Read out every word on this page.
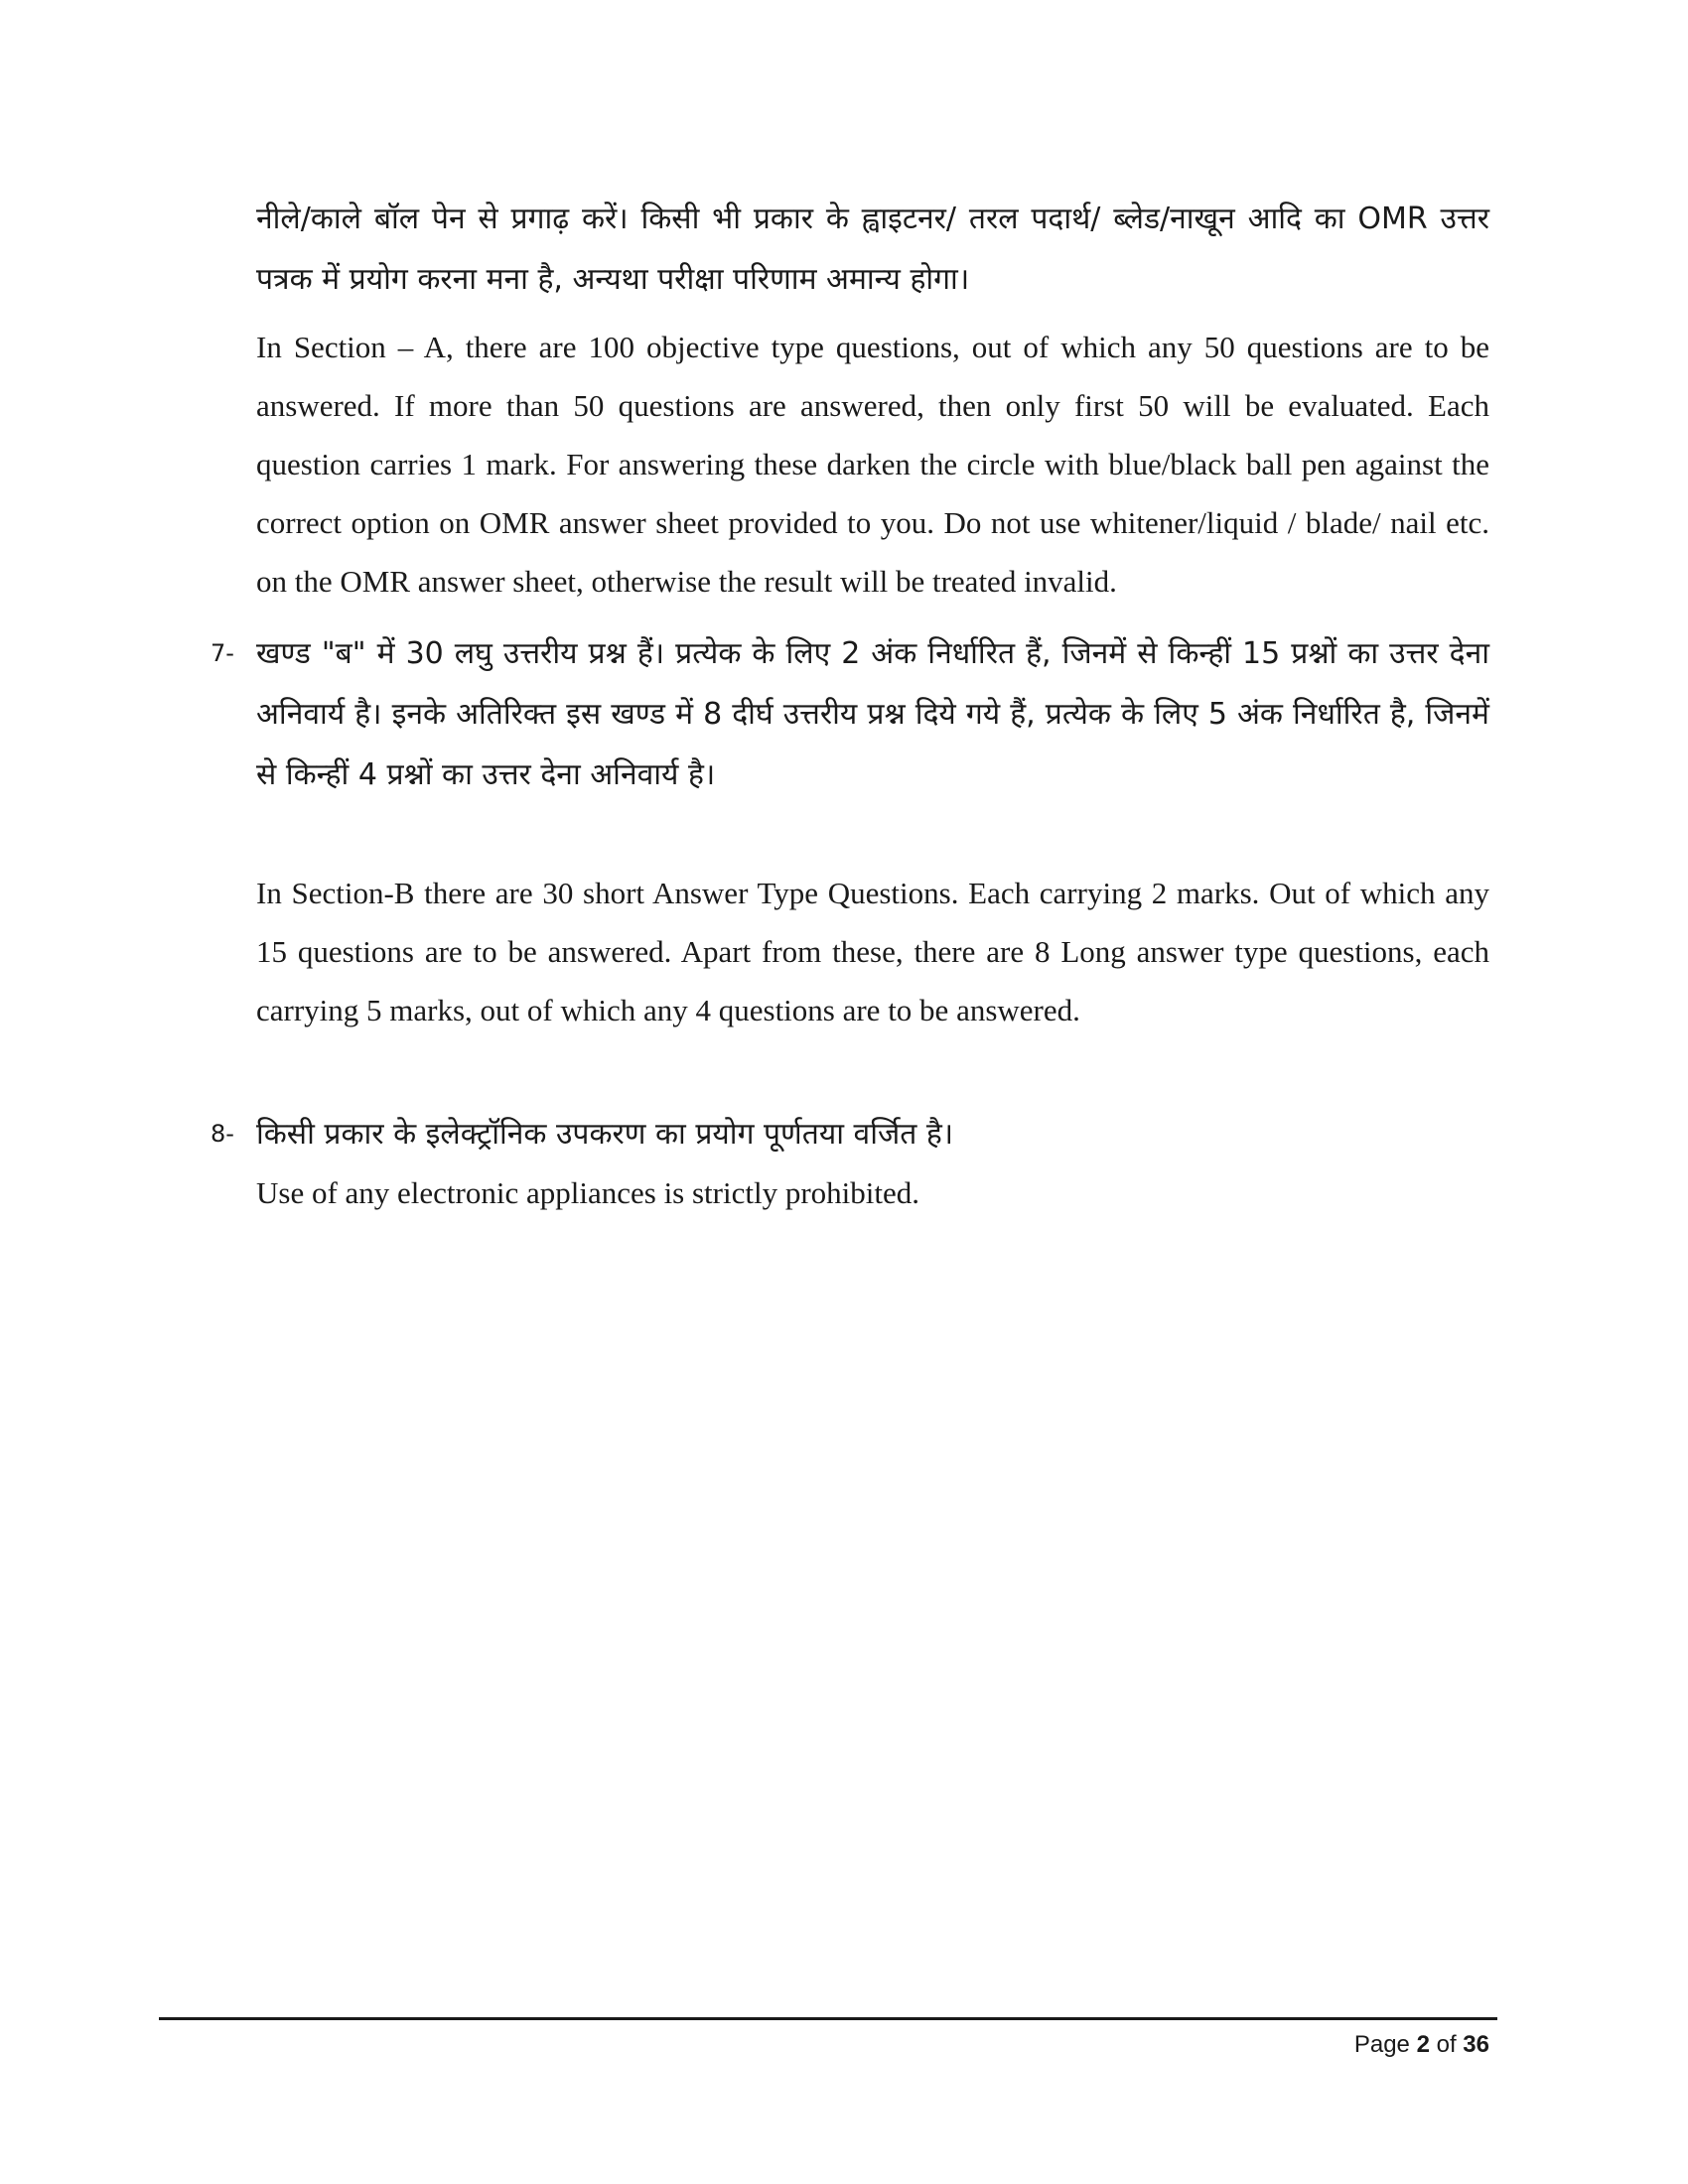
नीले/काले बॉल पेन से प्रगाढ़ करें। किसी भी प्रकार के ह्वाइटनर/ तरल पदार्थ/ ब्लेड/नाखून आदि का OMR उत्तर पत्रक में प्रयोग करना मना है, अन्यथा परीक्षा परिणाम अमान्य होगा।

In Section – A, there are 100 objective type questions, out of which any 50 questions are to be answered. If more than 50 questions are answered, then only first 50 will be evaluated. Each question carries 1 mark. For answering these darken the circle with blue/black ball pen against the correct option on OMR answer sheet provided to you. Do not use whitener/liquid / blade/ nail etc. on the OMR answer sheet, otherwise the result will be treated invalid.

7- खण्ड "ब" में 30 लघु उत्तरीय प्रश्न हैं। प्रत्येक के लिए 2 अंक निर्धारित हैं, जिनमें से किन्हीं 15 प्रश्नों का उत्तर देना अनिवार्य है। इनके अतिरिक्त इस खण्ड में 8 दीर्घ उत्तरीय प्रश्न दिये गये हैं, प्रत्येक के लिए 5 अंक निर्धारित है, जिनमें से किन्हीं 4 प्रश्नों का उत्तर देना अनिवार्य है।

In Section-B there are 30 short Answer Type Questions. Each carrying 2 marks. Out of which any 15 questions are to be answered. Apart from these, there are 8 Long answer type questions, each carrying 5 marks, out of which any 4 questions are to be answered.

8- किसी प्रकार के इलेक्ट्रॉनिक उपकरण का प्रयोग पूर्णतया वर्जित है।

Use of any electronic appliances is strictly prohibited.

Page 2 of 36
